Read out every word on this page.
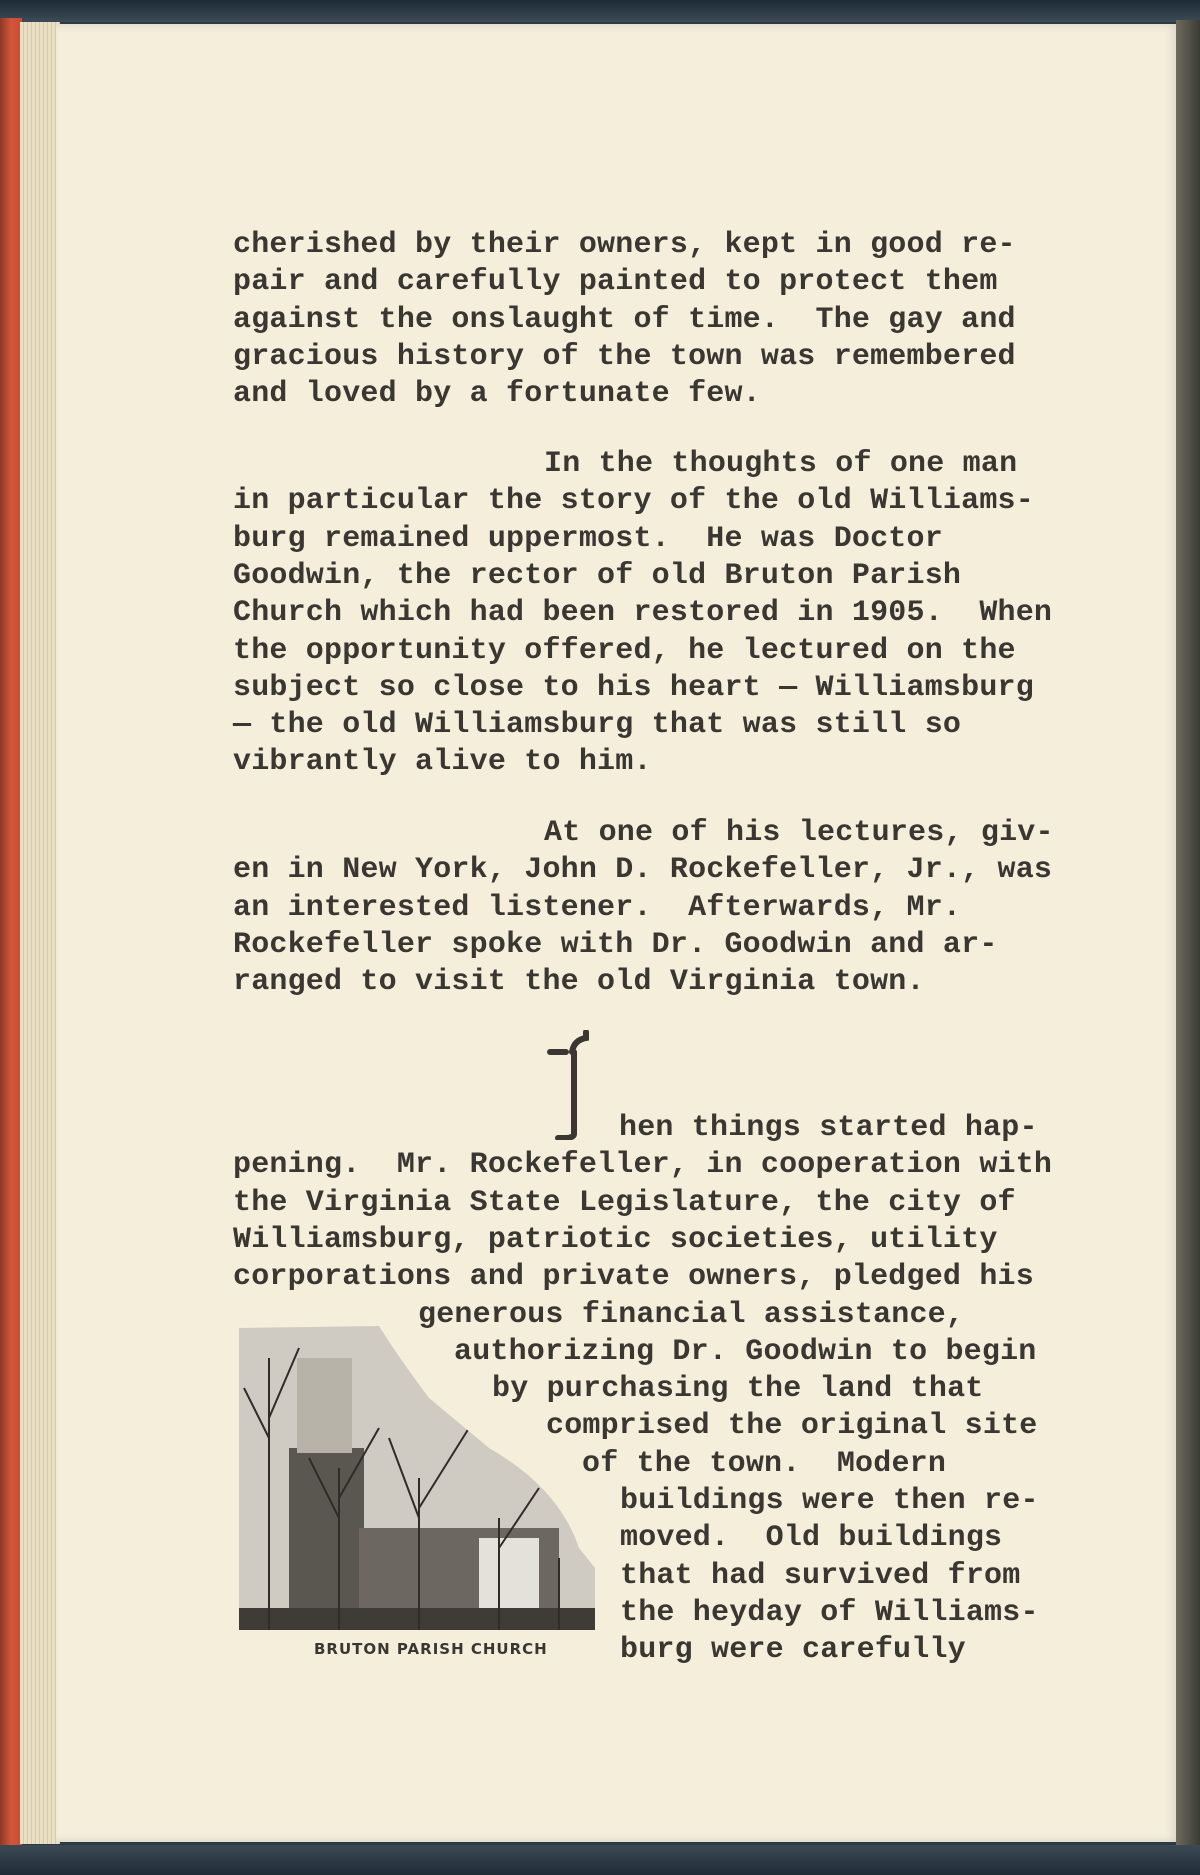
cherished by their owners, kept in good re-
pair and carefully painted to protect them
against the onslaught of time.  The gay and
gracious history of the town was remembered
and loved by a fortunate few.
In the thoughts of one man
in particular the story of the old Williams-
burg remained uppermost.  He was Doctor
Goodwin, the rector of old Bruton Parish
Church which had been restored in 1905.  When
the opportunity offered, he lectured on the
subject so close to his heart — Williamsburg
— the old Williamsburg that was still so
vibrantly alive to him.
At one of his lectures, giv-
en in New York, John D. Rockefeller, Jr., was
an interested listener.  Afterwards, Mr.
Rockefeller spoke with Dr. Goodwin and ar-
ranged to visit the old Virginia town.
hen things started hap-
pening.  Mr. Rockefeller, in cooperation with
the Virginia State Legislature, the city of
Williamsburg, patriotic societies, utility
corporations and private owners, pledged his
generous financial assistance,
authorizing Dr. Goodwin to begin
by purchasing the land that
comprised the original site
of the town.  Modern
buildings were then re-
moved.  Old buildings
that had survived from
the heyday of Williams-
burg were carefully
BRUTON PARISH CHURCH
